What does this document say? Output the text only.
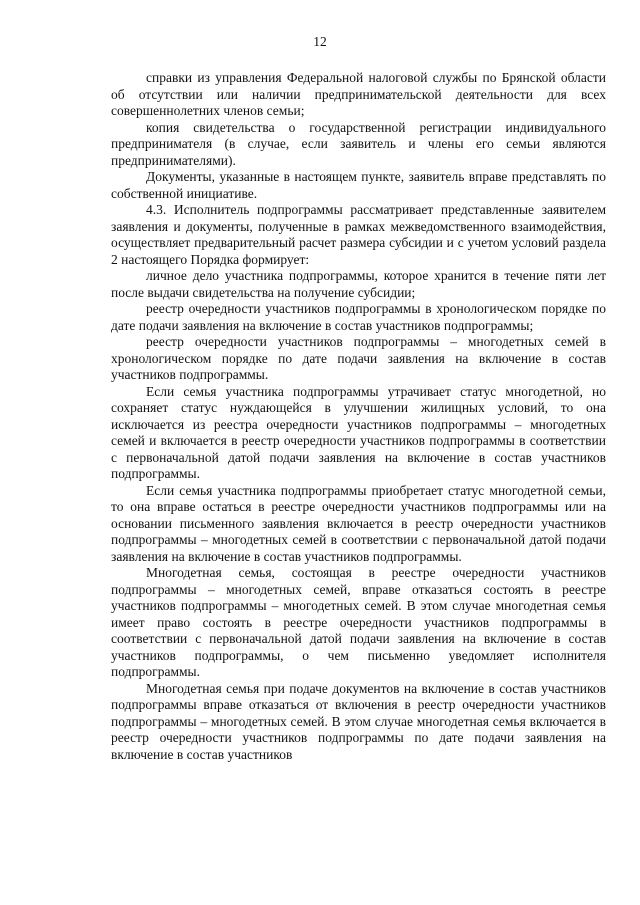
12

справки из управления Федеральной налоговой службы по Брянской области об отсутствии или наличии предпринимательской деятельности для всех совершеннолетних членов семьи;

копия свидетельства о государственной регистрации индивидуального предпринимателя (в случае, если заявитель и члены его семьи являются предпринимателями).

Документы, указанные в настоящем пункте, заявитель вправе представлять по собственной инициативе.

4.3. Исполнитель подпрограммы рассматривает представленные заявителем заявления и документы, полученные в рамках межведомственного взаимодействия, осуществляет предварительный расчет размера субсидии и с учетом условий раздела 2 настоящего Порядка формирует:

личное дело участника подпрограммы, которое хранится в течение пяти лет после выдачи свидетельства на получение субсидии;

реестр очередности участников подпрограммы в хронологическом порядке по дате подачи заявления на включение в состав участников подпрограммы;

реестр очередности участников подпрограммы – многодетных семей в хронологическом порядке по дате подачи заявления на включение в состав участников подпрограммы.

Если семья участника подпрограммы утрачивает статус многодетной, но сохраняет статус нуждающейся в улучшении жилищных условий, то она исключается из реестра очередности участников подпрограммы – многодетных семей и включается в реестр очередности участников подпрограммы в соответствии с первоначальной датой подачи заявления на включение в состав участников подпрограммы.

Если семья участника подпрограммы приобретает статус многодетной семьи, то она вправе остаться в реестре очередности участников подпрограммы или на основании письменного заявления включается в реестр очередности участников подпрограммы – многодетных семей в соответствии с первоначальной датой подачи заявления на включение в состав участников подпрограммы.

Многодетная семья, состоящая в реестре очередности участников подпрограммы – многодетных семей, вправе отказаться состоять в реестре участников подпрограммы – многодетных семей. В этом случае многодетная семья имеет право состоять в реестре очередности участников подпрограммы в соответствии с первоначальной датой подачи заявления на включение в состав участников подпрограммы, о чем письменно уведомляет исполнителя подпрограммы.

Многодетная семья при подаче документов на включение в состав участников подпрограммы вправе отказаться от включения в реестр очередности участников подпрограммы – многодетных семей. В этом случае многодетная семья включается в реестр очередности участников подпрограммы по дате подачи заявления на включение в состав участников
